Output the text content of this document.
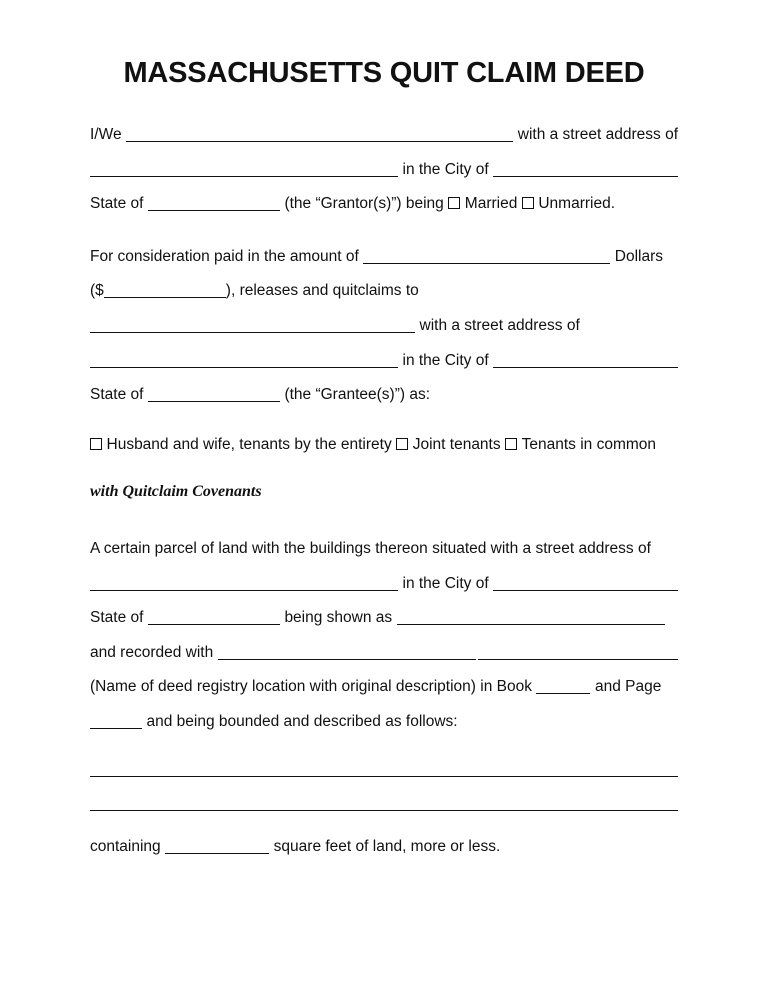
MASSACHUSETTS QUIT CLAIM DEED
I/We	with a street address of
in the City of
State of	(the “Grantor(s)”) being Married Unmarried.
For consideration paid in the amount of	Dollars
($	), releases and quitclaims to
with a street address of
in the City of
State of	(the “Grantee(s)”) as:
Husband and wife, tenants by the entirety Joint tenants Tenants in common
with Quitclaim Covenants
A certain parcel of land with the buildings thereon situated with a street address of
in the City of
State of	being shown as
and recorded with
(Name of deed registry location with original description) in Book	and Page
and being bounded and described as follows:
containing	square feet of land, more or less.
